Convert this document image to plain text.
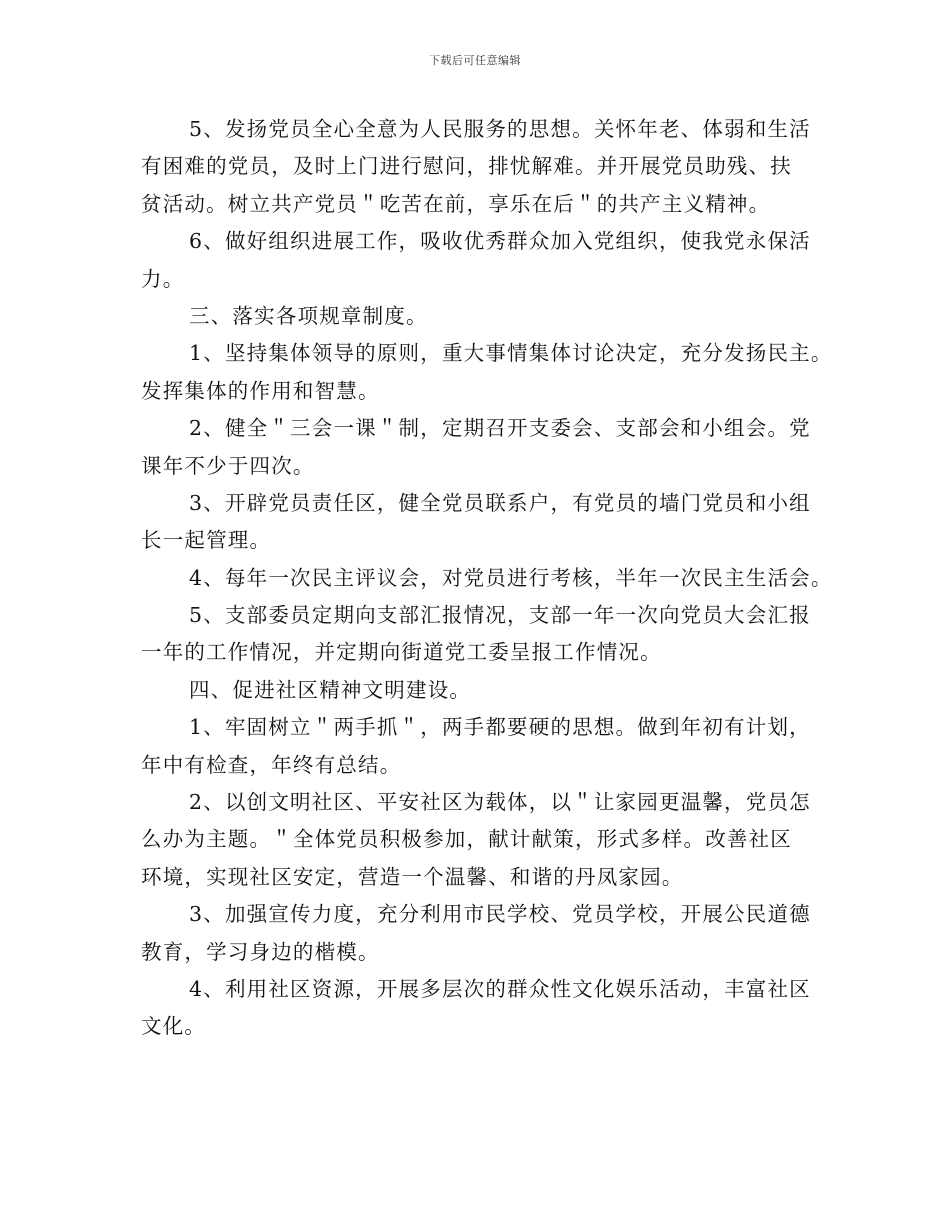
下载后可任意编辑
5、发扬党员全心全意为人民服务的思想。关怀年老、体弱和生活
有困难的党员，及时上门进行慰问，排忧解难。并开展党员助残、扶
贫活动。树立共产党员＂吃苦在前，享乐在后＂的共产主义精神。
6、做好组织进展工作，吸收优秀群众加入党组织，使我党永保活
力。
三、落实各项规章制度。
1、坚持集体领导的原则，重大事情集体讨论决定，充分发扬民主。
发挥集体的作用和智慧。
2、健全＂三会一课＂制，定期召开支委会、支部会和小组会。党
课年不少于四次。
3、开辟党员责任区，健全党员联系户，有党员的墙门党员和小组
长一起管理。
4、每年一次民主评议会，对党员进行考核，半年一次民主生活会。
5、支部委员定期向支部汇报情况，支部一年一次向党员大会汇报
一年的工作情况，并定期向街道党工委呈报工作情况。
四、促进社区精神文明建设。
1、牢固树立＂两手抓＂，两手都要硬的思想。做到年初有计划，
年中有检查，年终有总结。
2、以创文明社区、平安社区为载体，以＂让家园更温馨，党员怎
么办为主题。＂全体党员积极参加，献计献策，形式多样。改善社区
环境，实现社区安定，营造一个温馨、和谐的丹凤家园。
3、加强宣传力度，充分利用市民学校、党员学校，开展公民道德
教育，学习身边的楷模。
4、利用社区资源，开展多层次的群众性文化娱乐活动，丰富社区
文化。
